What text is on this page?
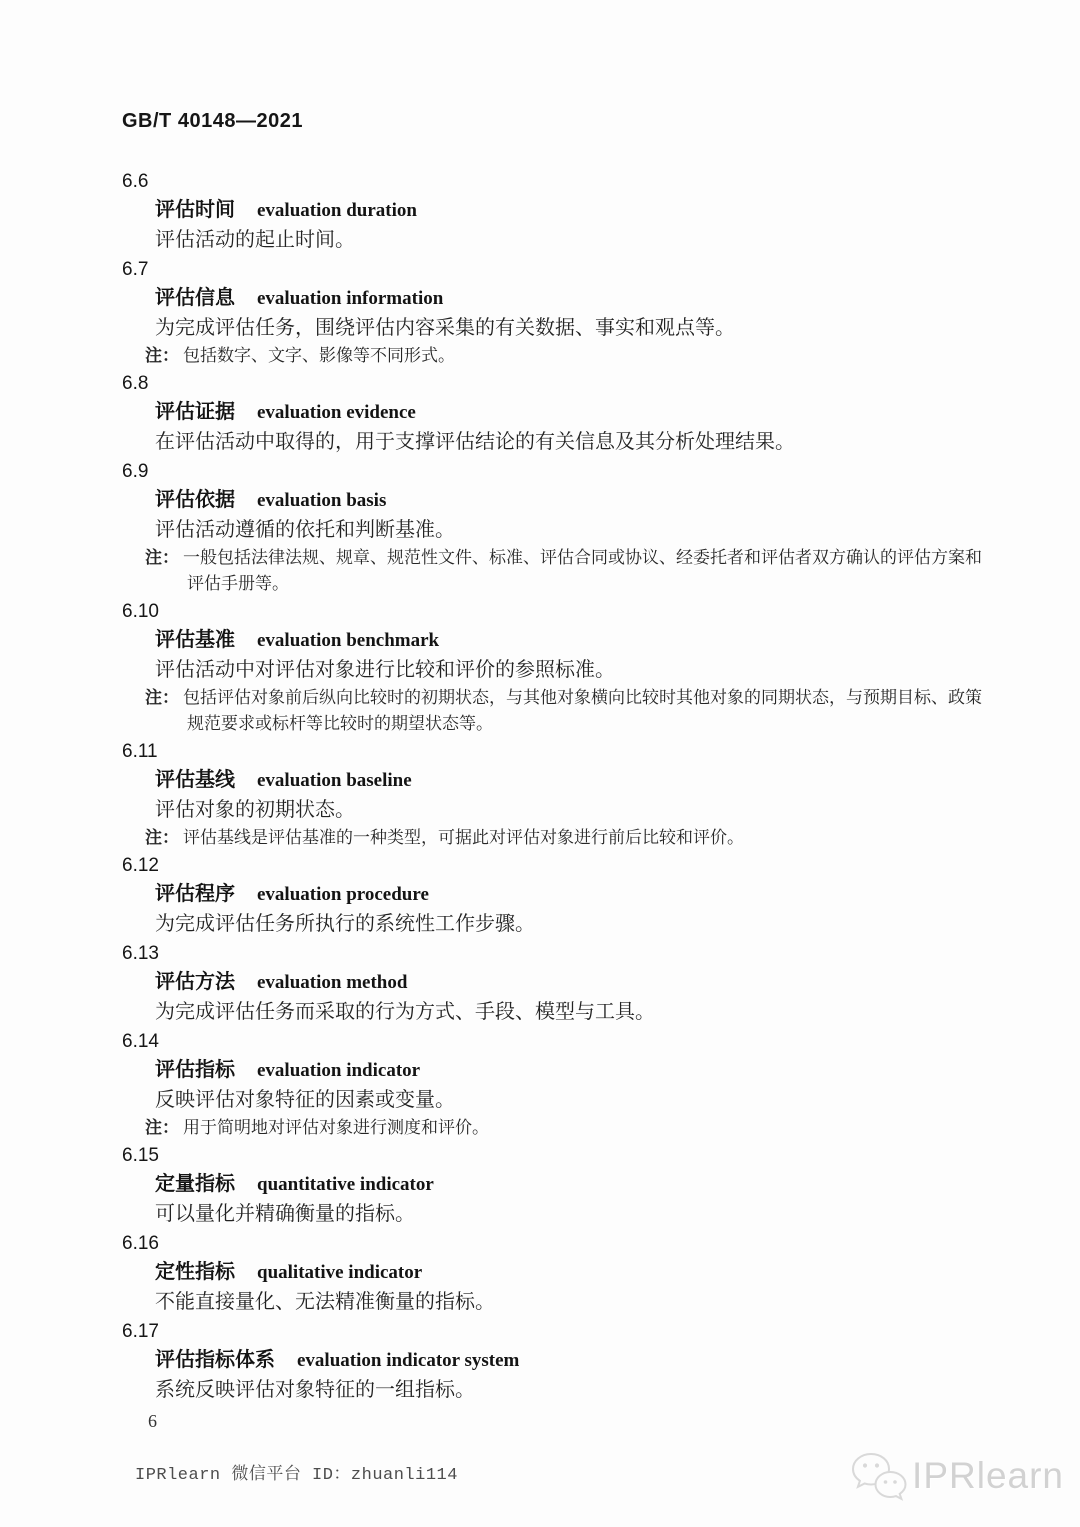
GB/T 40148—2021
6.6
评估时间 evaluation duration
评估活动的起止时间。
6.7
评估信息 evaluation information
为完成评估任务，围绕评估内容采集的有关数据、事实和观点等。
注： 包括数字、文字、影像等不同形式。
6.8
评估证据 evaluation evidence
在评估活动中取得的，用于支撑评估结论的有关信息及其分析处理结果。
6.9
评估依据 evaluation basis
评估活动遵循的依托和判断基准。
注： 一般包括法律法规、规章、规范性文件、标准、评估合同或协议、经委托者和评估者双方确认的评估方案和评估手册等。
6.10
评估基准 evaluation benchmark
评估活动中对评估对象进行比较和评价的参照标准。
注： 包括评估对象前后纵向比较时的初期状态，与其他对象横向比较时其他对象的同期状态，与预期目标、政策规范要求或标杆等比较时的期望状态等。
6.11
评估基线 evaluation baseline
评估对象的初期状态。
注： 评估基线是评估基准的一种类型，可据此对评估对象进行前后比较和评价。
6.12
评估程序 evaluation procedure
为完成评估任务所执行的系统性工作步骤。
6.13
评估方法 evaluation method
为完成评估任务而采取的行为方式、手段、模型与工具。
6.14
评估指标 evaluation indicator
反映评估对象特征的因素或变量。
注： 用于简明地对评估对象进行测度和评价。
6.15
定量指标 quantitative indicator
可以量化并精确衡量的指标。
6.16
定性指标 qualitative indicator
不能直接量化、无法精准衡量的指标。
6.17
评估指标体系 evaluation indicator system
系统反映评估对象特征的一组指标。
6
IPRlearn 微信平台 ID：zhuanli114	IPRlearn
